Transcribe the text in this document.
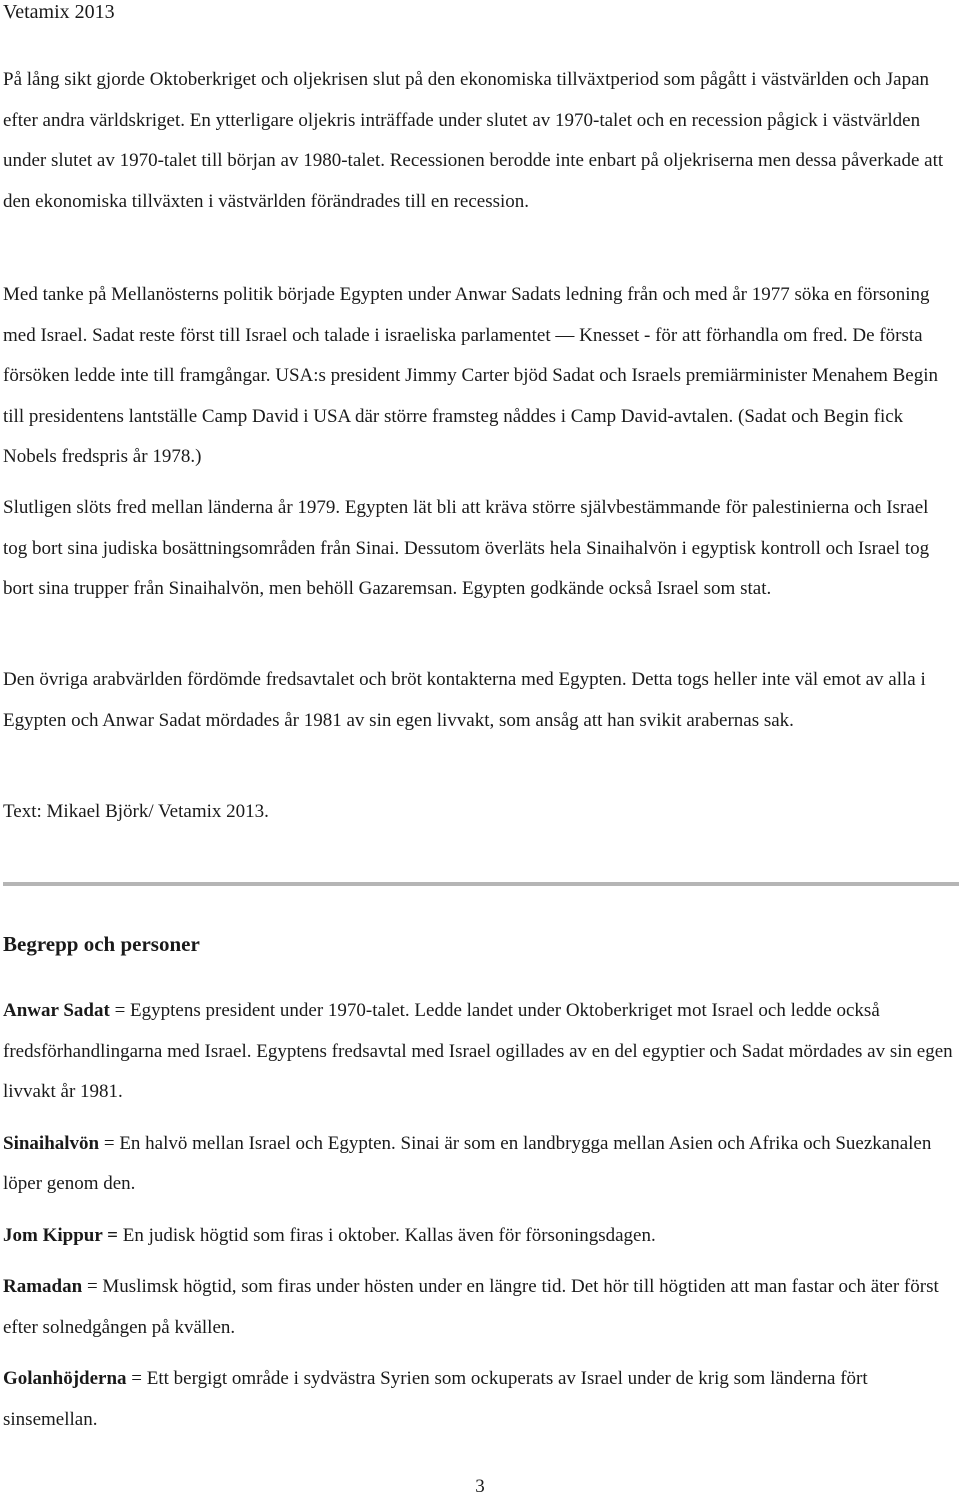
Vetamix 2013

På lång sikt gjorde Oktoberkriget och oljekrisen slut på den ekonomiska tillväxtperiod som pågått i västvärlden och Japan efter andra världskriget. En ytterligare oljekris inträffade under slutet av 1970-talet och en recession pågick i västvärlden under slutet av 1970-talet till början av 1980-talet. Recessionen berodde inte enbart på oljekriserna men dessa påverkade att den ekonomiska tillväxten i västvärlden förändrades till en recession.

Med tanke på Mellanösterns politik började Egypten under Anwar Sadats ledning från och med år 1977 söka en försoning med Israel. Sadat reste först till Israel och talade i israeliska parlamentet — Knesset - för att förhandla om fred. De första försöken ledde inte till framgångar. USA:s president Jimmy Carter bjöd Sadat och Israels premiärminister Menahem Begin till presidentens lantställe Camp David i USA där större framsteg nåddes i Camp David-avtalen. (Sadat och Begin fick Nobels fredspris år 1978.)

Slutligen slöts fred mellan länderna år 1979. Egypten lät bli att kräva större självbestämmande för palestinierna och Israel tog bort sina judiska bosättningsområden från Sinai. Dessutom överläts hela Sinaihalvön i egyptisk kontroll och Israel tog bort sina trupper från Sinaihalvön, men behöll Gazaremsan. Egypten godkände också Israel som stat.

Den övriga arabvärlden fördömde fredsavtalet och bröt kontakterna med Egypten. Detta togs heller inte väl emot av alla i Egypten och Anwar Sadat mördades år 1981 av sin egen livvakt, som ansåg att han svikit arabernas sak.

Text: Mikael Björk/ Vetamix 2013.

Begrepp och personer

Anwar Sadat = Egyptens president under 1970-talet. Ledde landet under Oktoberkriget mot Israel och ledde också fredsförhandlingarna med Israel. Egyptens fredsavtal med Israel ogillades av en del egyptier och Sadat mördades av sin egen livvakt år 1981.

Sinaihalvön = En halvö mellan Israel och Egypten. Sinai är som en landbrygga mellan Asien och Afrika och Suezkanalen löper genom den.

Jom Kippur = En judisk högtid som firas i oktober. Kallas även för försoningsdagen.

Ramadan = Muslimsk högtid, som firas under hösten under en längre tid. Det hör till högtiden att man fastar och äter först efter solnedgången på kvällen.

Golanhöjderna = Ett bergigt område i sydvästra Syrien som ockuperats av Israel under de krig som länderna fört sinsemellan.

3
